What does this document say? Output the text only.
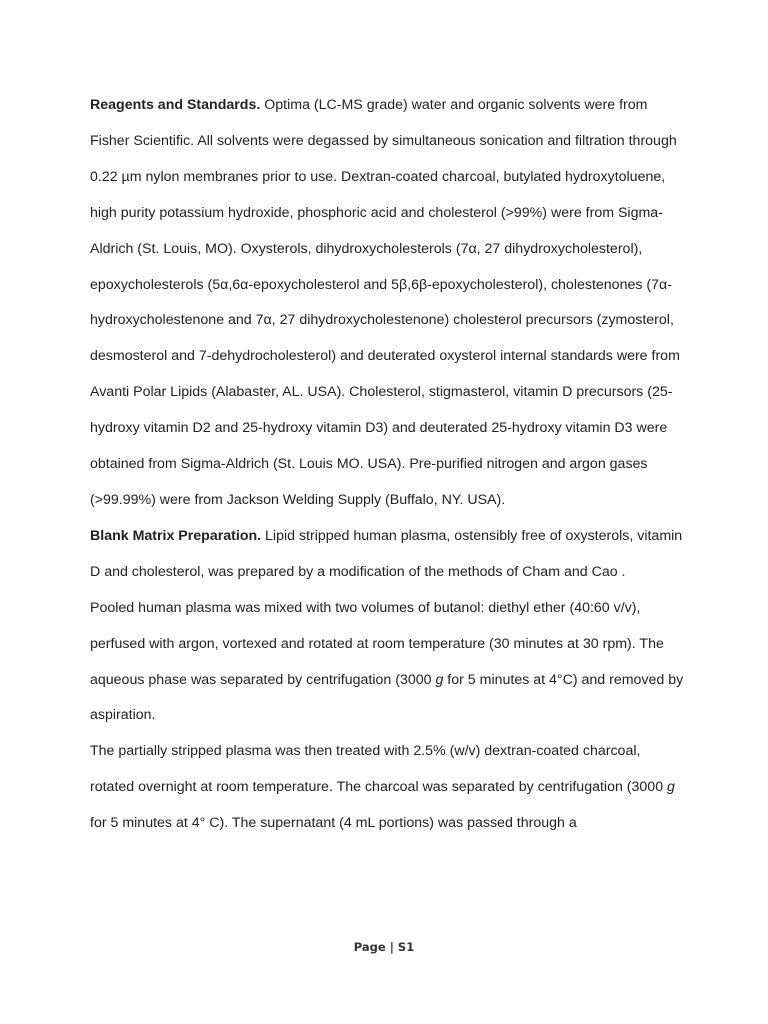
Reagents and Standards. Optima (LC-MS grade) water and organic solvents were from Fisher Scientific. All solvents were degassed by simultaneous sonication and filtration through 0.22 µm nylon membranes prior to use. Dextran-coated charcoal, butylated hydroxytoluene, high purity potassium hydroxide, phosphoric acid and cholesterol (>99%) were from Sigma-Aldrich (St. Louis, MO). Oxysterols, dihydroxycholesterols (7α, 27 dihydroxycholesterol), epoxycholesterols (5α,6α-epoxycholesterol and 5β,6β-epoxycholesterol), cholestenones (7α-hydroxycholestenone and 7α, 27 dihydroxycholestenone) cholesterol precursors (zymosterol, desmosterol and 7-dehydrocholesterol) and deuterated oxysterol internal standards were from Avanti Polar Lipids (Alabaster, AL. USA). Cholesterol, stigmasterol, vitamin D precursors (25-hydroxy vitamin D2 and 25-hydroxy vitamin D3) and deuterated 25-hydroxy vitamin D3 were obtained from Sigma-Aldrich (St. Louis MO. USA). Pre-purified nitrogen and argon gases (>99.99%) were from Jackson Welding Supply (Buffalo, NY. USA).

Blank Matrix Preparation. Lipid stripped human plasma, ostensibly free of oxysterols, vitamin D and cholesterol, was prepared by a modification of the methods of Cham and Cao .

Pooled human plasma was mixed with two volumes of butanol: diethyl ether (40:60 v/v), perfused with argon, vortexed and rotated at room temperature (30 minutes at 30 rpm). The aqueous phase was separated by centrifugation (3000 g for 5 minutes at 4°C) and removed by aspiration.

The partially stripped plasma was then treated with 2.5% (w/v) dextran-coated charcoal, rotated overnight at room temperature. The charcoal was separated by centrifugation (3000 g for 5 minutes at 4° C). The supernatant (4 mL portions) was passed through a

Page | S1
